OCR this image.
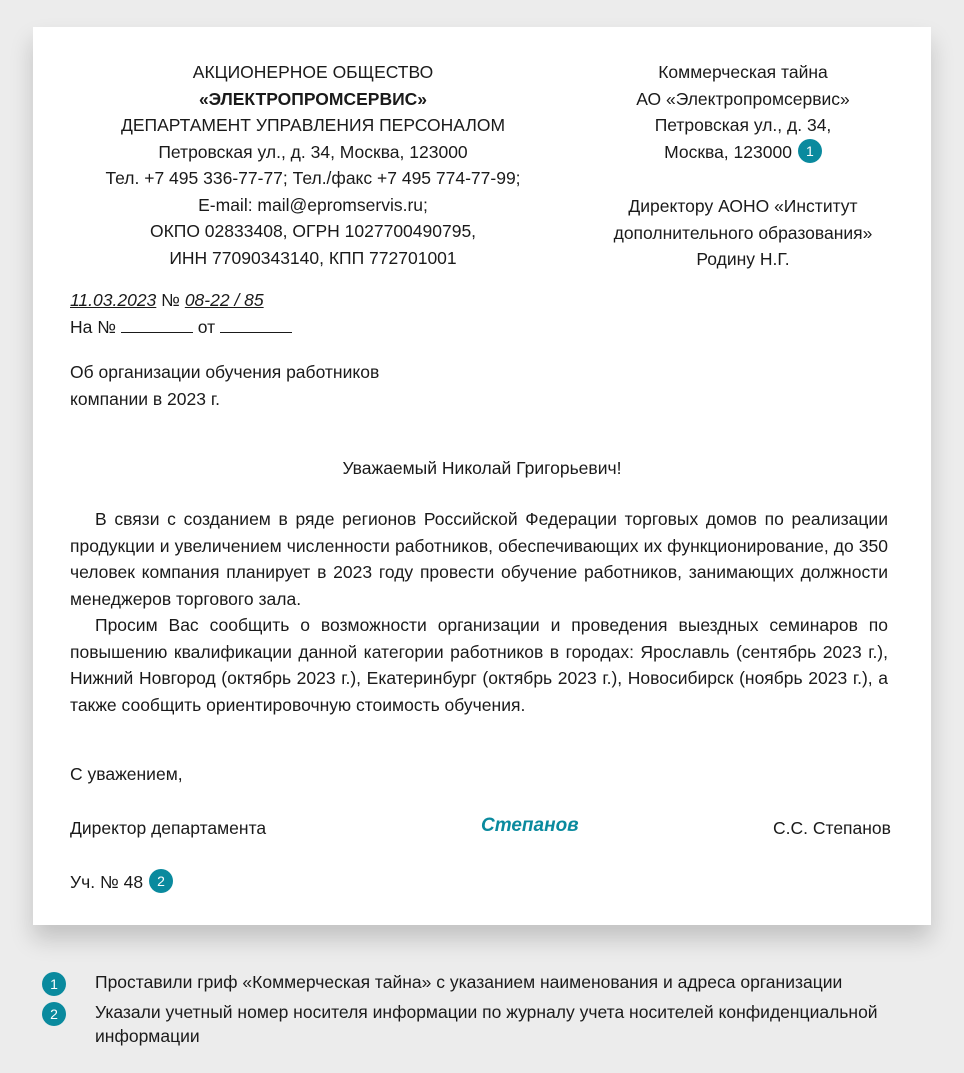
АКЦИОНЕРНОЕ ОБЩЕСТВО
«ЭЛЕКТРОПРОМСЕРВИС»
ДЕПАРТАМЕНТ УПРАВЛЕНИЯ ПЕРСОНАЛОМ
Петровская ул., д. 34, Москва, 123000
Тел. +7 495 336-77-77; Тел./факс +7 495 774-77-99;
E-mail: mail@epromservis.ru;
ОКПО 02833408, ОГРН 1027700490795,
ИНН 77090343140, КПП 772701001
Коммерческая тайна
АО «Электропромсервис»
Петровская ул., д. 34,
Москва, 123000 1
Директору АОНО «Институт
дополнительного образования»
Родину Н.Г.
11.03.2023 № 08-22 / 85
На №	от
Об организации обучения работников
компании в 2023 г.
Уважаемый Николай Григорьевич!

В связи с созданием в ряде регионов Российской Федерации торговых домов по реализации продукции и увеличением численности работников, обеспечивающих их функционирование, до 350 человек компания планирует в 2023 году провести обучение работников, занимающих должности менеджеров торгового зала.

Просим Вас сообщить о возможности организации и проведения выездных семинаров по повышению квалификации данной категории работников в городах: Ярославль (сентябрь 2023 г.), Нижний Новгород (октябрь 2023 г.), Екатеринбург (октябрь 2023 г.), Новосибирск (ноябрь 2023 г.), а также сообщить ориентировочную стоимость обучения.

С уважением,
Директор департамента	Степанов	С.С. Степанов
Уч. № 48 2
1	Проставили гриф «Коммерческая тайна» с указанием наименования и адреса организации
2	Указали учетный номер носителя информации по журналу учета носителей конфиденциальной информации
